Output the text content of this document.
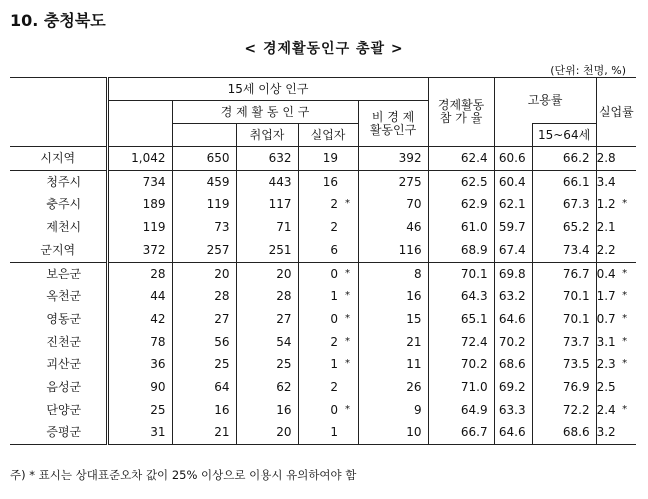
10. 충청북도
< 경제활동인구 총괄 >
(단위: 천명, %)
	15세 이상 인구						경제활동
참 가 율	고용률		실업률	
		경 제 활 동 인 구				비 경 제
활동인구					
			취업자	실업자					15~64세		
시지역	1,042	650	632	19		392	62.4	60.6	66.2	2.8	
청주시	734	459	443	16		275	62.5	60.4	66.1	3.4	
충주시	189	119	117	2	*	70	62.9	62.1	67.3	1.2	*
제천시	119	73	71	2		46	61.0	59.7	65.2	2.1	
군지역	372	257	251	6		116	68.9	67.4	73.4	2.2	
보은군	28	20	20	0	*	8	70.1	69.8	76.7	0.4	*
옥천군	44	28	28	1	*	16	64.3	63.2	70.1	1.7	*
영동군	42	27	27	0	*	15	65.1	64.6	70.1	0.7	*
진천군	78	56	54	2	*	21	72.4	70.2	73.7	3.1	*
괴산군	36	25	25	1	*	11	70.2	68.6	73.5	2.3	*
음성군	90	64	62	2		26	71.0	69.2	76.9	2.5	
단양군	25	16	16	0	*	9	64.9	63.3	72.2	2.4	*
증평군	31	21	20	1		10	66.7	64.6	68.6	3.2	
주) * 표시는 상대표준오차 값이 25% 이상으로 이용시 유의하여야 함
